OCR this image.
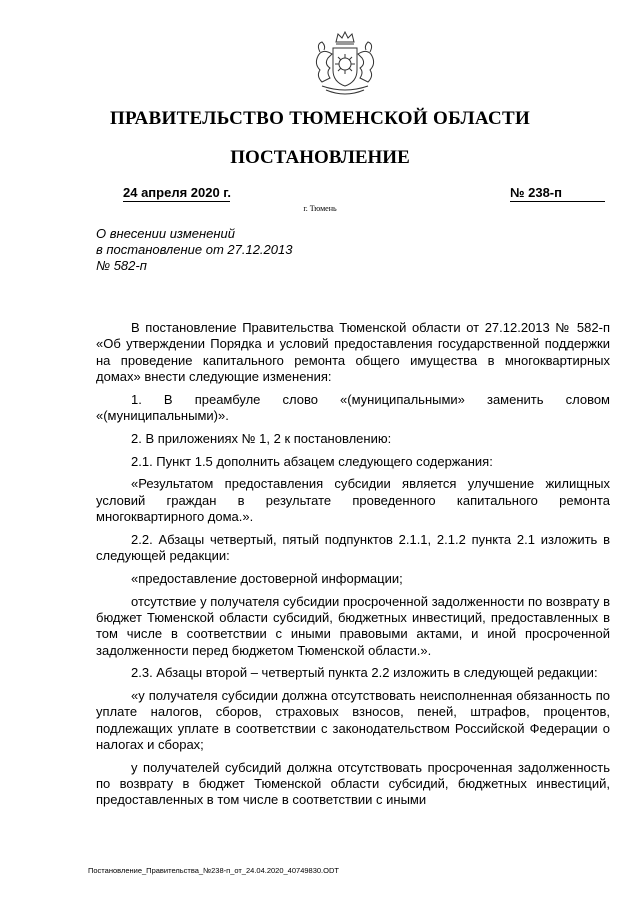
ПРАВИТЕЛЬСТВО ТЮМЕНСКОЙ ОБЛАСТИ
ПОСТАНОВЛЕНИЕ
24 апреля 2020 г.	№ 238-п
г. Тюмень
О внесении изменений
в постановление от 27.12.2013
№ 582-п

В постановление Правительства Тюменской области от 27.12.2013 № 582-п «Об утверждении Порядка и условий предоставления государственной поддержки на проведение капитального ремонта общего имущества в многоквартирных домах» внести следующие изменения:

1. В преамбуле слово «(муниципальными» заменить словом «(муниципальными)».

2. В приложениях № 1, 2 к постановлению:

2.1. Пункт 1.5 дополнить абзацем следующего содержания:

«Результатом предоставления субсидии является улучшение жилищных условий граждан в результате проведенного капитального ремонта многоквартирного дома.».

2.2. Абзацы четвертый, пятый подпунктов 2.1.1, 2.1.2 пункта 2.1 изложить в следующей редакции:

«предоставление достоверной информации;

отсутствие у получателя субсидии просроченной задолженности по возврату в бюджет Тюменской области субсидий, бюджетных инвестиций, предоставленных в том числе в соответствии с иными правовыми актами, и иной просроченной задолженности перед бюджетом Тюменской области.».

2.3. Абзацы второй – четвертый пункта 2.2 изложить в следующей редакции:

«у получателя субсидии должна отсутствовать неисполненная обязанность по уплате налогов, сборов, страховых взносов, пеней, штрафов, процентов, подлежащих уплате в соответствии с законодательством Российской Федерации о налогах и сборах;

у получателей субсидий должна отсутствовать просроченная задолженность по возврату в бюджет Тюменской области субсидий, бюджетных инвестиций, предоставленных в том числе в соответствии с иными

Постановление_Правительства_№238-п_от_24.04.2020_40749830.ODT
